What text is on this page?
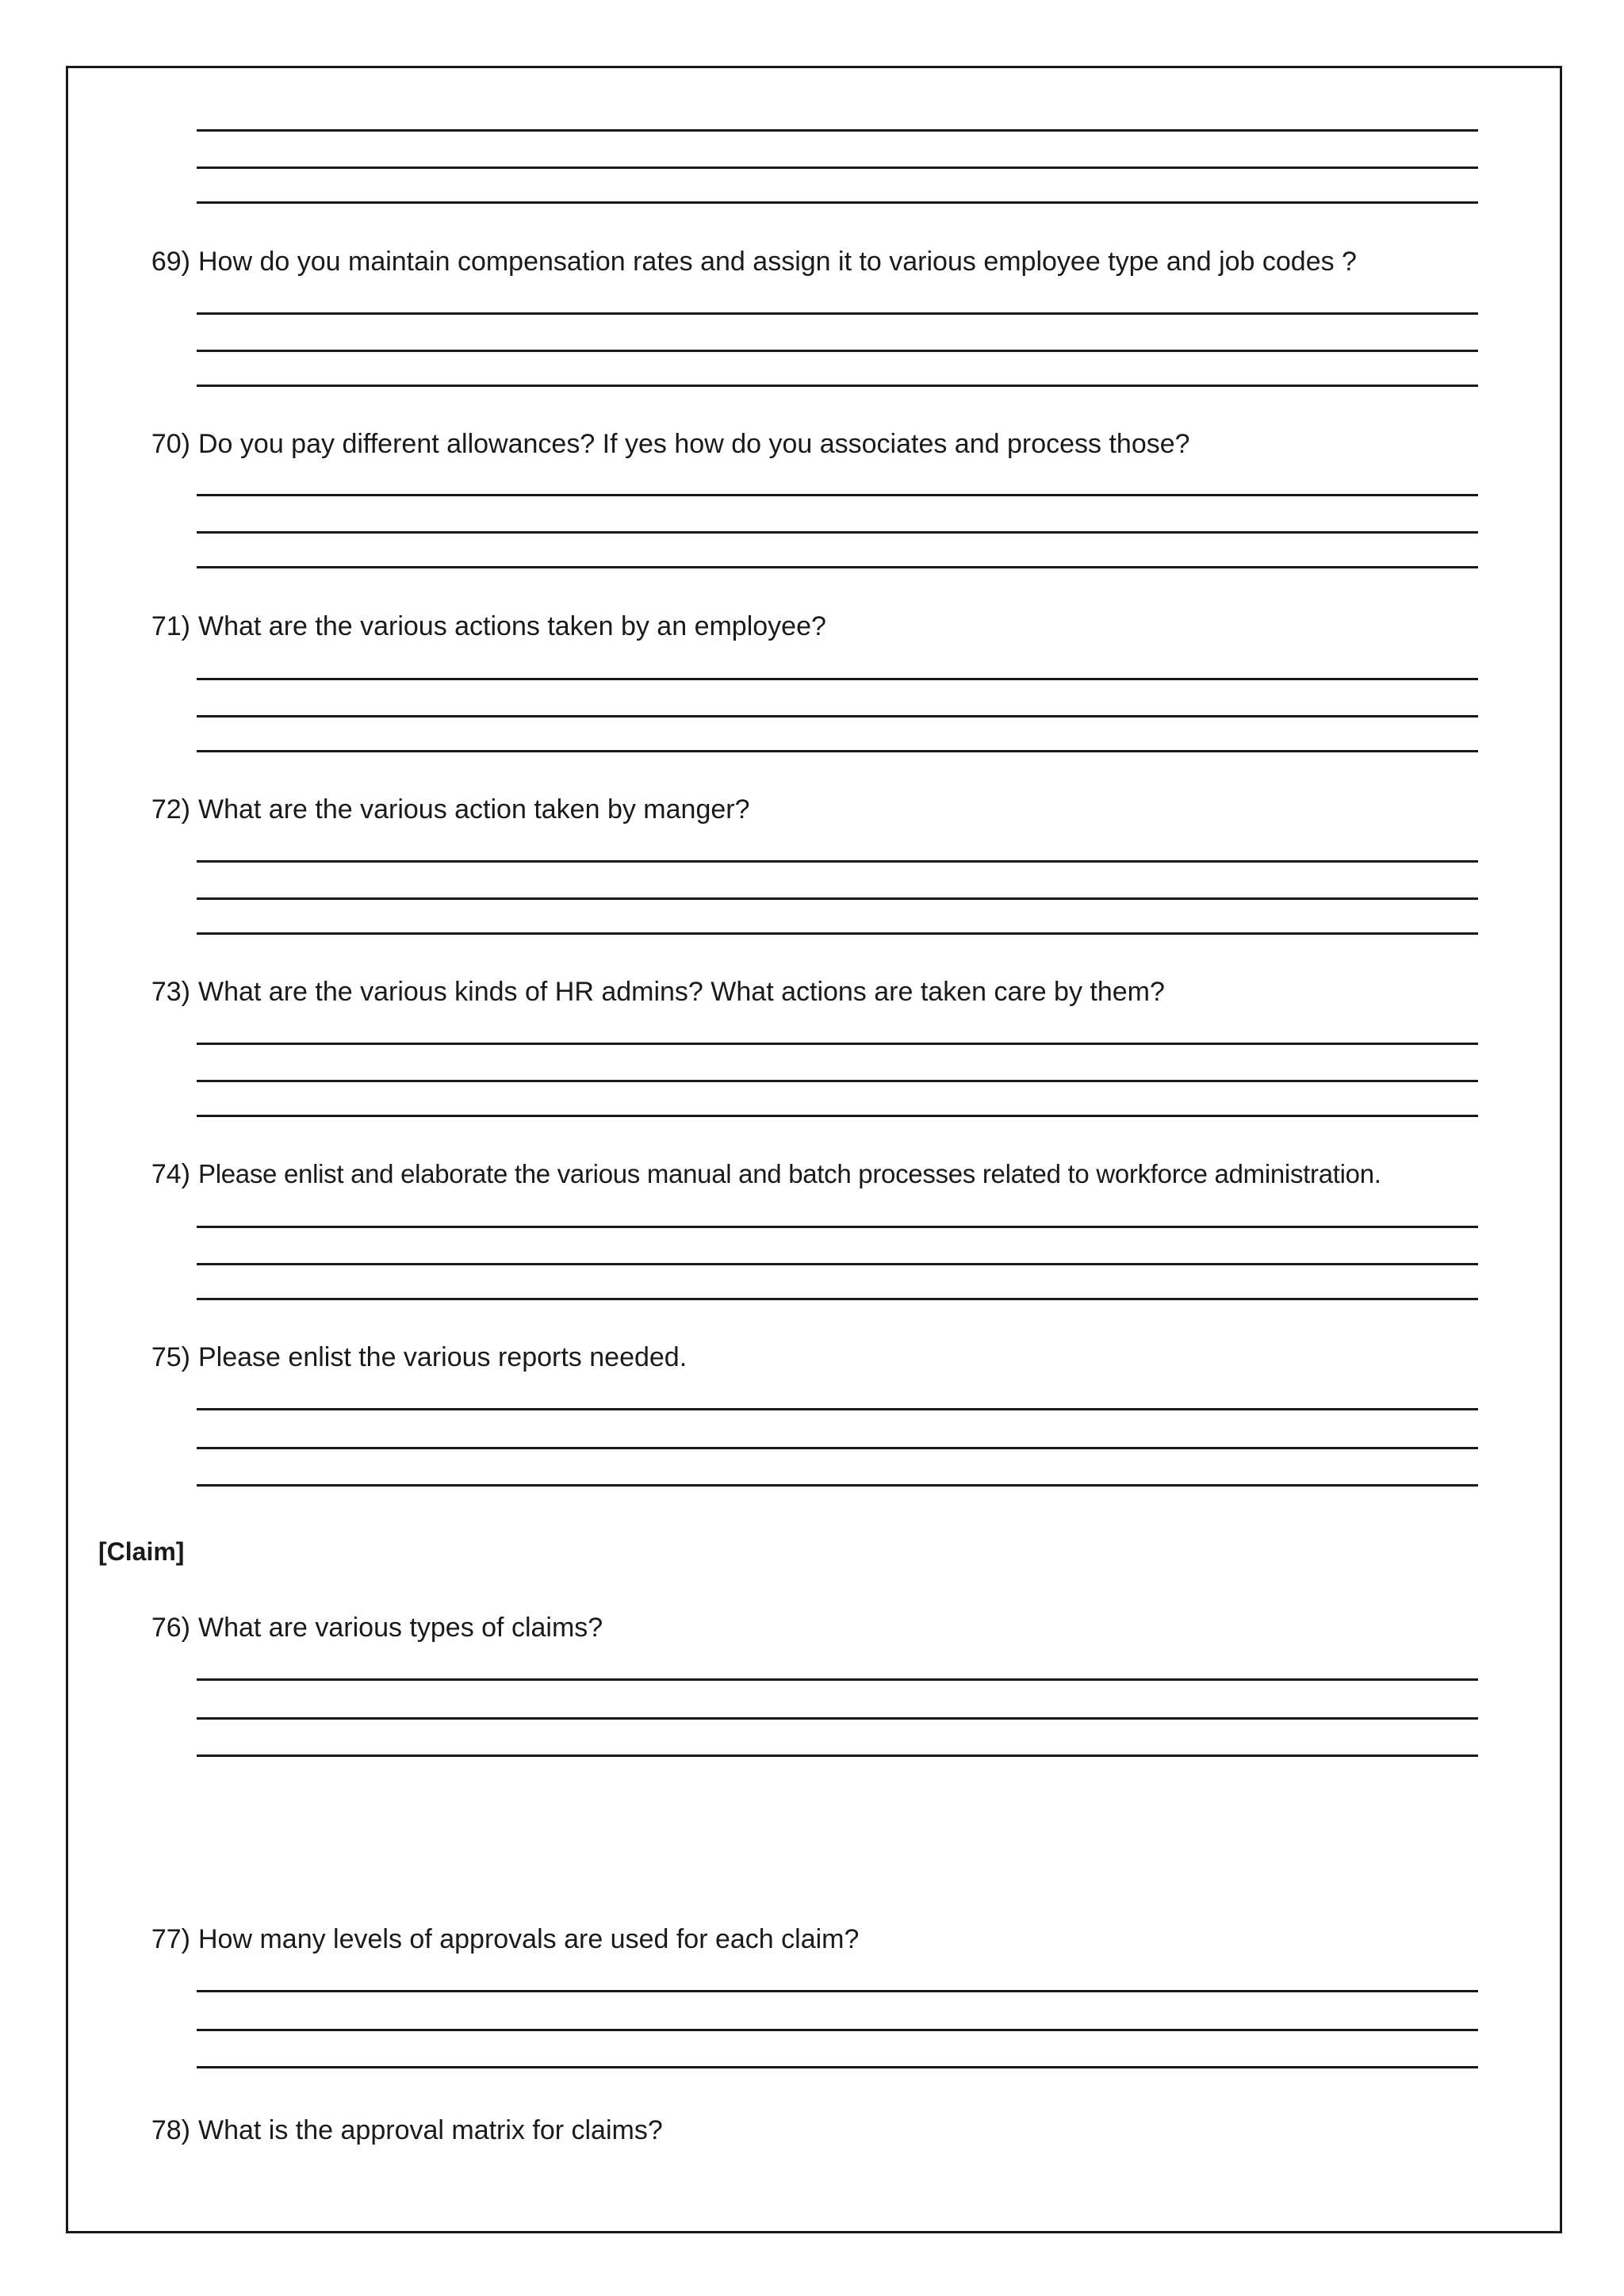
69) How do you maintain compensation rates and assign it to various employee type and job codes ?
70) Do you pay different allowances? If yes how do you associates and process those?
71) What are the various actions taken by an employee?
72) What are the various action taken by manger?
73) What are the various kinds of HR admins? What actions are taken care by them?
74) Please enlist and elaborate the various manual and batch processes related to workforce administration.
75) Please enlist the various reports needed.
[Claim]
76) What are various types of claims?
77) How many levels of approvals are used for each claim?
78) What is the approval matrix for claims?
